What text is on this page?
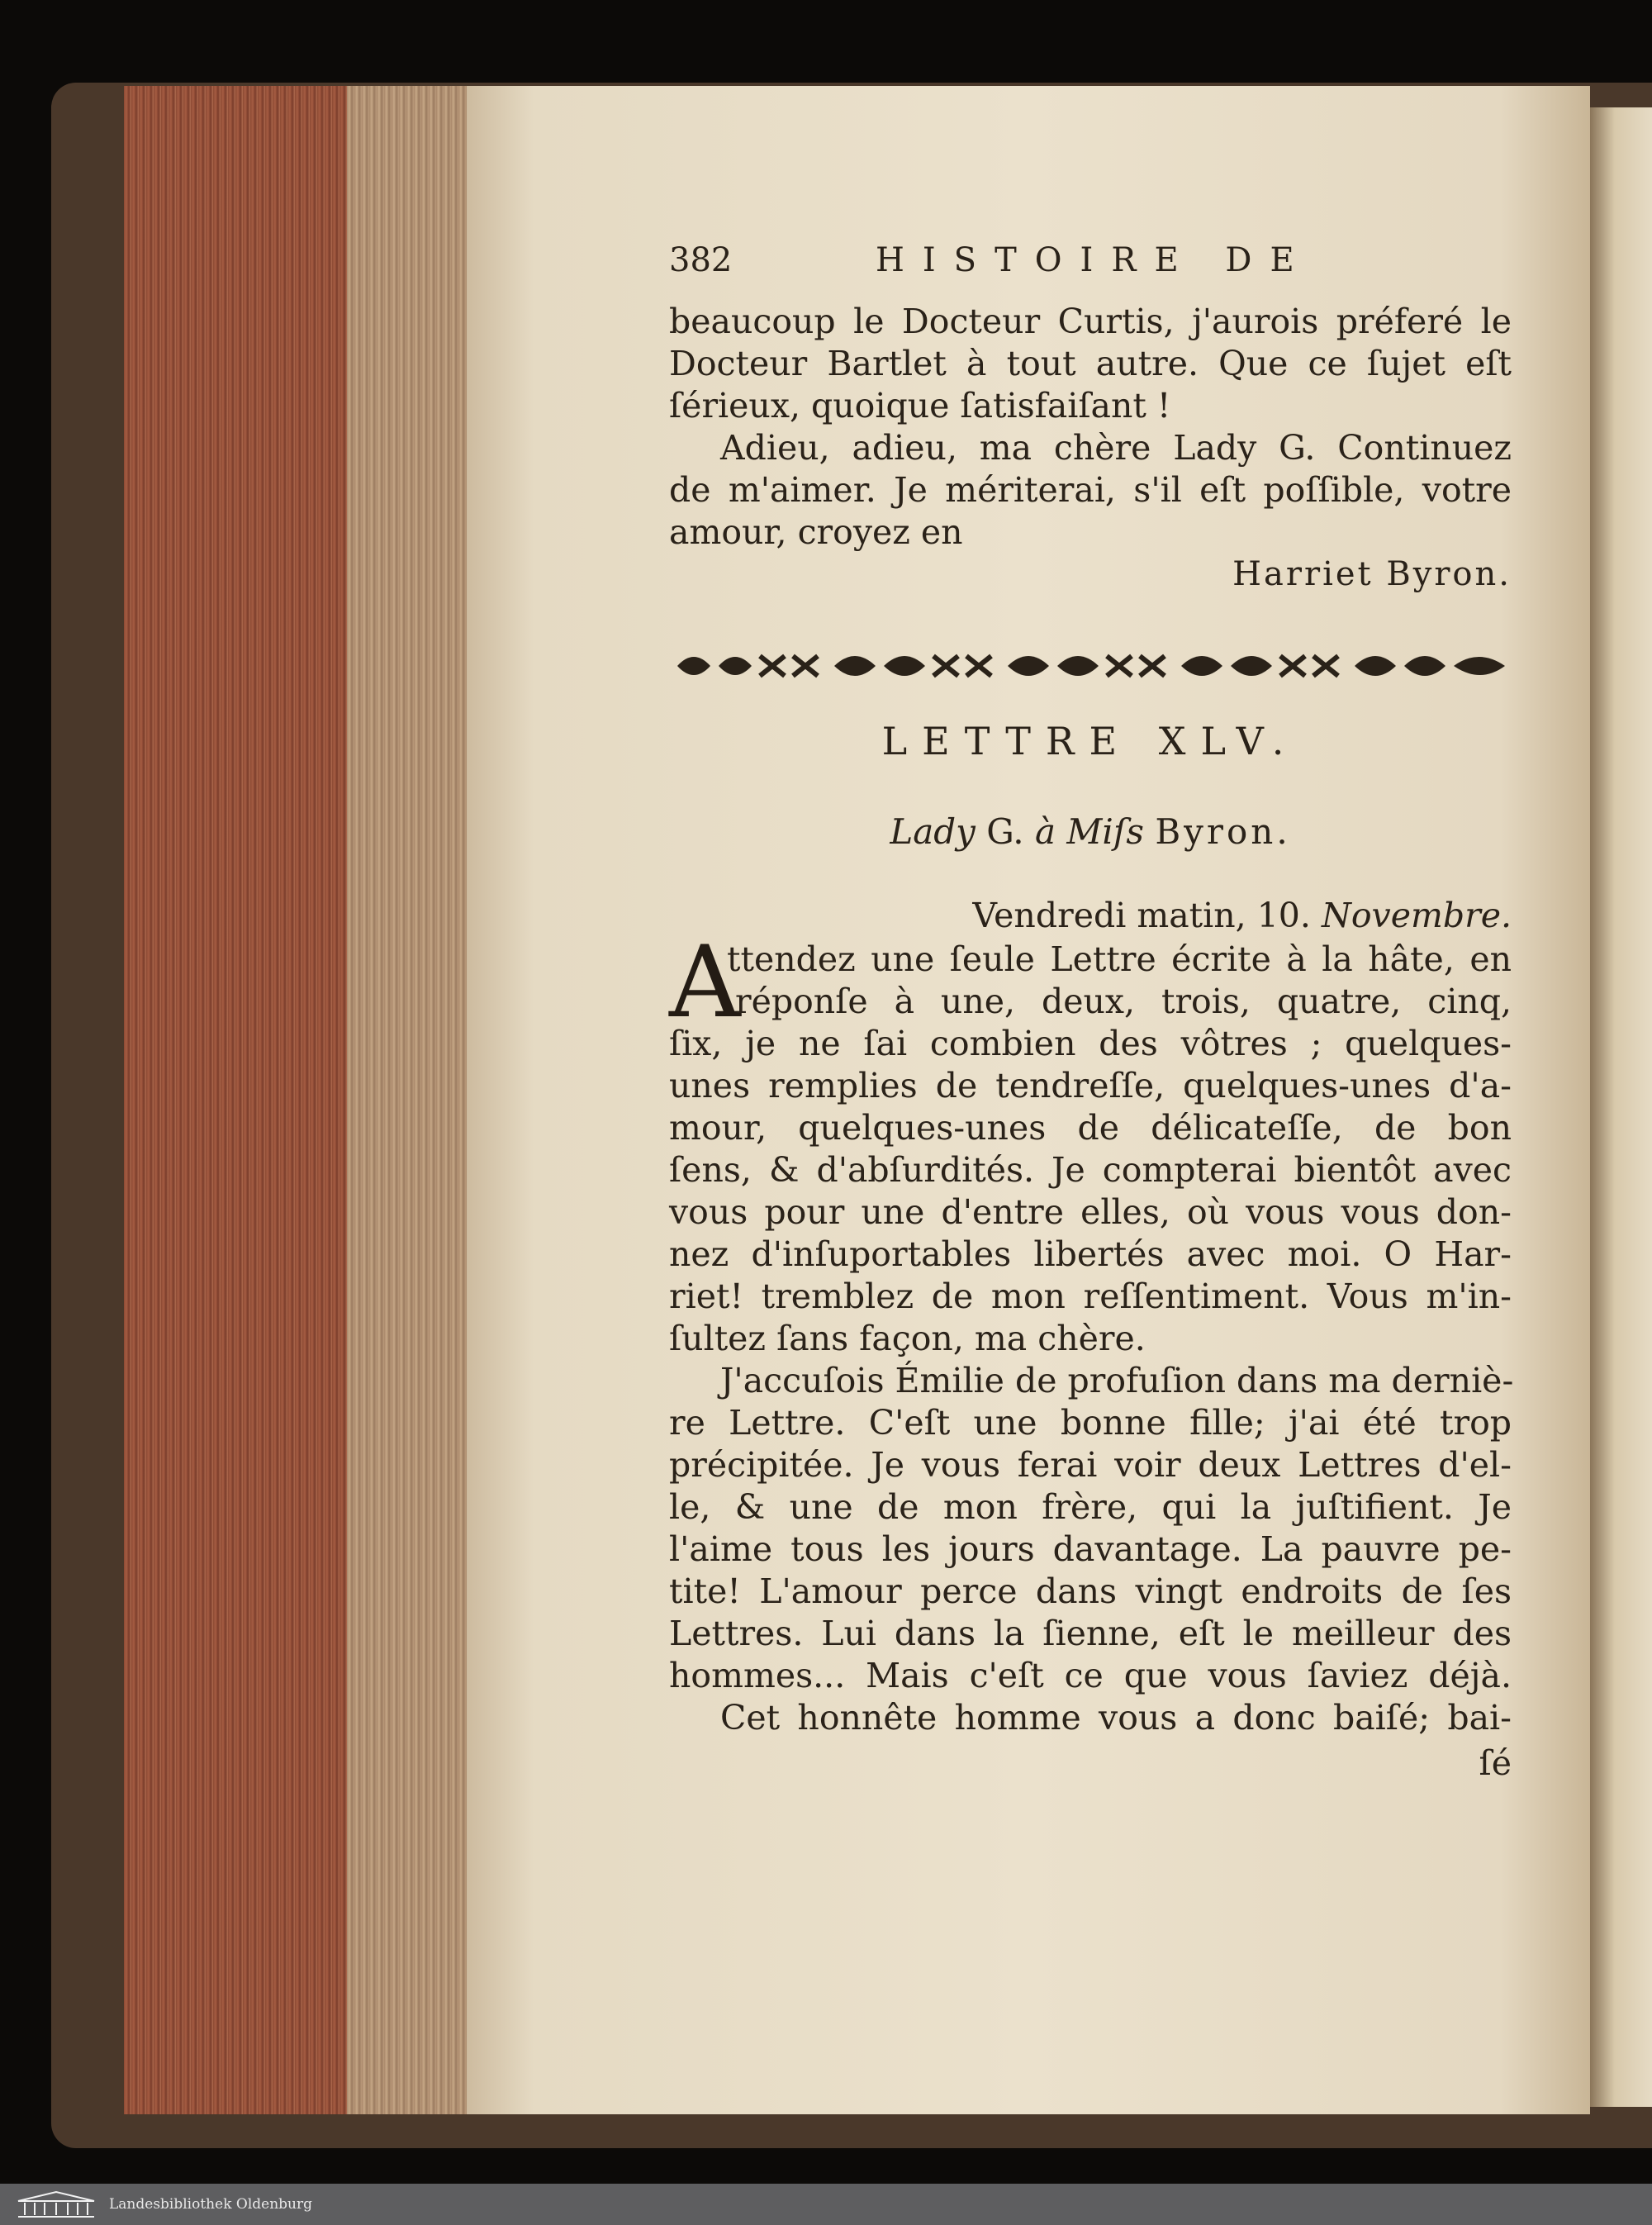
382	HISTOIRE DE
beaucoup le Docteur Curtis, j'aurois préferé le
Docteur Bartlet à tout autre. Que ce ſujet eſt
ſérieux, quoique ſatisfaiſant !
Adieu, adieu, ma chère Lady G. Continuez
de m'aimer. Je mériterai, s'il eſt poſſible, votre
amour, croyez en
Harriet Byron.
LETTRE XLV.
Lady G. à Miſs Byron.
Vendredi matin, 10. Novembre.
A
ttendez une ſeule Lettre écrite à la hâte, en
réponſe à une, deux, trois, quatre, cinq,
ſix, je ne ſai combien des vôtres ; quelques-
unes remplies de tendreſſe, quelques-unes d'a-
mour, quelques-unes de délicateſſe, de bon
ſens, & d'abſurdités. Je compterai bientôt avec
vous pour une d'entre elles, où vous vous don-
nez d'inſuportables libertés avec moi. O Har-
riet! tremblez de mon reſſentiment. Vous m'in-
ſultez ſans façon, ma chère.
J'accuſois Émilie de profuſion dans ma derniè-
re Lettre. C'eſt une bonne fille; j'ai été trop
précipitée. Je vous ferai voir deux Lettres d'el-
le, & une de mon frère, qui la juſtifient. Je
l'aime tous les jours davantage. La pauvre pe-
tite! L'amour perce dans vingt endroits de ſes
Lettres. Lui dans la ſienne, eſt le meilleur des
hommes... Mais c'eſt ce que vous ſaviez déjà.
Cet honnête homme vous a donc baiſé; bai-
ſé
Landesbibliothek Oldenburg
